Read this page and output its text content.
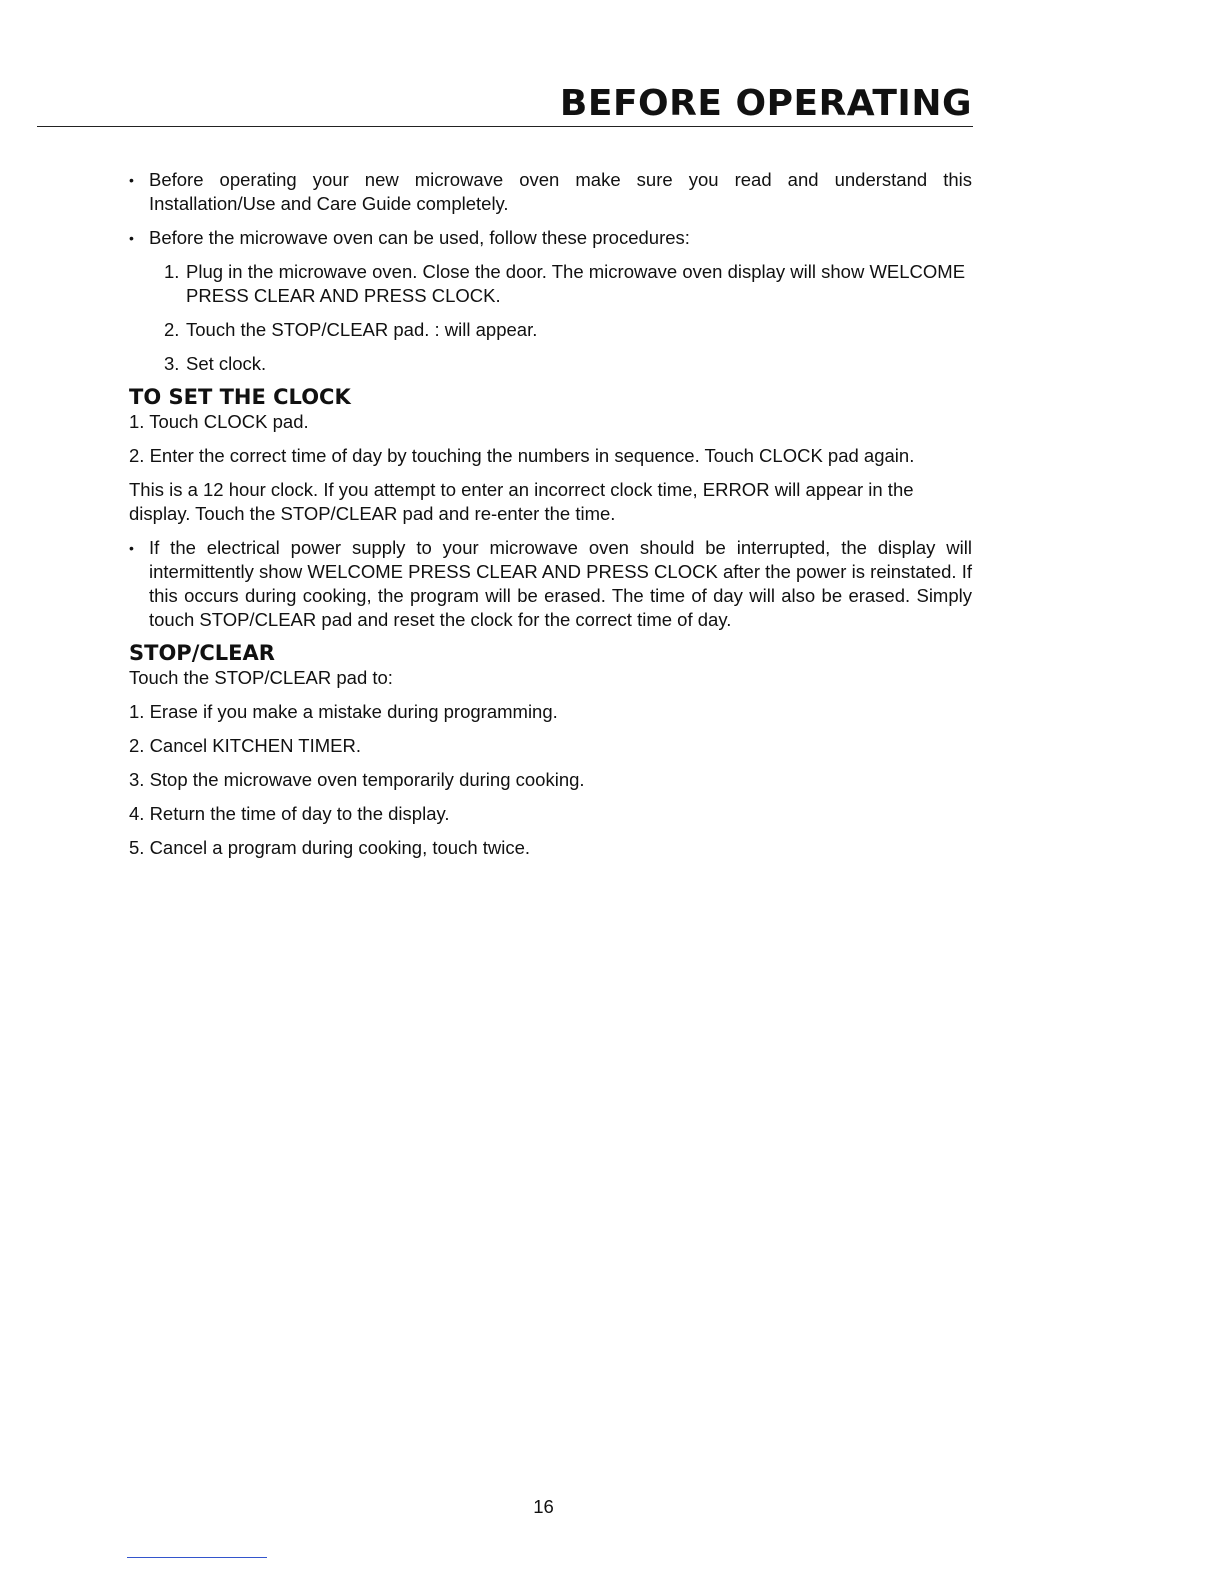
BEFORE OPERATING

• Before operating your new microwave oven make sure you read and understand this Installation/Use and Care Guide completely.

• Before the microwave oven can be used, follow these procedures:

1. Plug in the microwave oven. Close the door. The microwave oven display will show WELCOME PRESS CLEAR AND PRESS CLOCK.

2. Touch the STOP/CLEAR pad. : will appear.

3. Set clock.

TO SET THE CLOCK

1. Touch CLOCK pad.

2. Enter the correct time of day by touching the numbers in sequence. Touch CLOCK pad again.

This is a 12 hour clock. If you attempt to enter an incorrect clock time, ERROR will appear in the display. Touch the STOP/CLEAR pad and re-enter the time.

• If the electrical power supply to your microwave oven should be interrupted, the display will intermittently show WELCOME PRESS CLEAR AND PRESS CLOCK after the power is reinstated. If this occurs during cooking, the program will be erased. The time of day will also be erased. Simply touch STOP/CLEAR pad and reset the clock for the correct time of day.

STOP/CLEAR

Touch the STOP/CLEAR pad to:

1. Erase if you make a mistake during programming.

2. Cancel KITCHEN TIMER.

3. Stop the microwave oven temporarily during cooking.

4. Return the time of day to the display.

5. Cancel a program during cooking, touch twice.

16
